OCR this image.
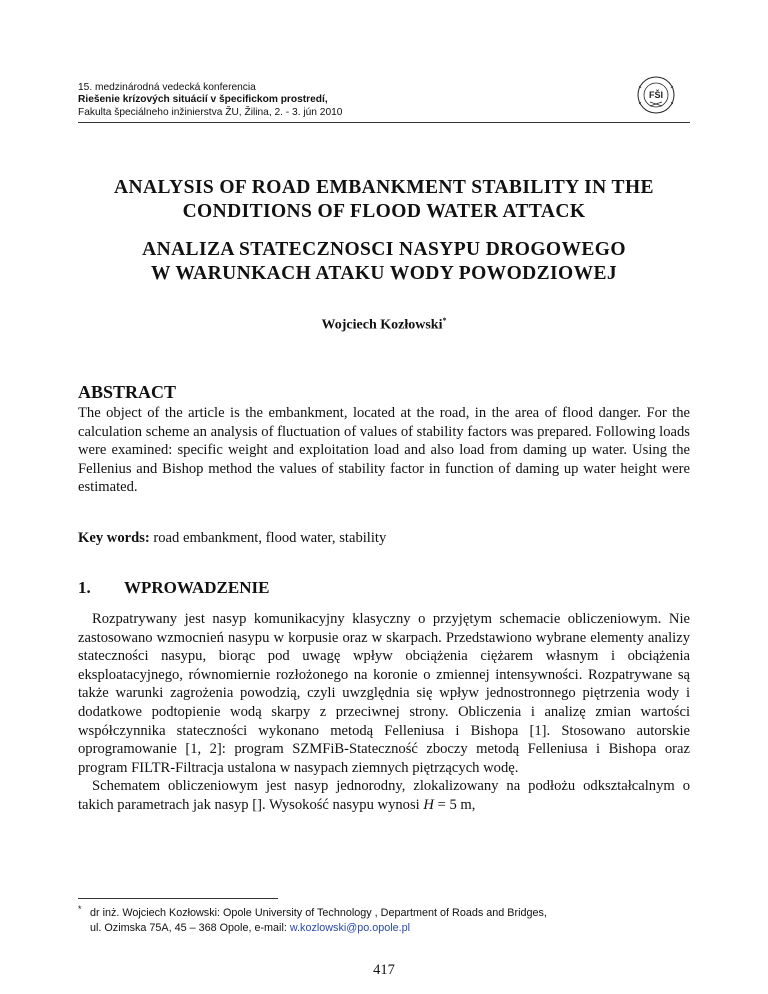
15. medzinárodná vedecká konferencia
Riešenie krízových situácií v špecifickom prostredí,
Fakulta špeciálneho inžinierstva ŽU, Žilina, 2. - 3. jún 2010
FŠI
ANALYSIS OF ROAD EMBANKMENT STABILITY IN THE
CONDITIONS OF FLOOD WATER ATTACK
ANALIZA STATECZNOSCI NASYPU DROGOWEGO
W WARUNKACH ATAKU WODY POWODZIOWEJ
Wojciech Kozłowski*
ABSTRACT
The object of the article is the embankment, located at the road, in the area of flood danger. For the calculation scheme an analysis of fluctuation of values of stability factors was prepared. Following loads were examined: specific weight and exploitation load and also load from daming up water. Using the Fellenius and Bishop method the values of stability factor in function of daming up water height were estimated.
Key words: road embankment, flood water, stability
1. WPROWADZENIE

Rozpatrywany jest nasyp komunikacyjny klasyczny o przyjętym schemacie obliczeniowym. Nie zastosowano wzmocnień nasypu w korpusie oraz w skarpach. Przedstawiono wybrane elementy analizy stateczności nasypu, biorąc pod uwagę wpływ obciążenia ciężarem własnym i obciążenia eksploatacyjnego, równomiernie rozłożonego na koronie o zmiennej intensywności. Rozpatrywane są także warunki zagrożenia powodzią, czyli uwzględnia się wpływ jednostronnego piętrzenia wody i dodatkowe podtopienie wodą skarpy z przeciwnej strony. Obliczenia i analizę zmian wartości współczynnika stateczności wykonano metodą Felleniusa i Bishopa [1]. Stosowano autorskie oprogramowanie [1, 2]: program SZMFiB-Stateczność zboczy metodą Felleniusa i Bishopa oraz program FILTR-Filtracja ustalona w nasypach ziemnych piętrzących wodę.

Schematem obliczeniowym jest nasyp jednorodny, zlokalizowany na podłożu odkształcalnym o takich parametrach jak nasyp []. Wysokość nasypu wynosi H = 5 m,

* dr inż. Wojciech Kozłowski: Opole University of Technology , Department of Roads and Bridges,
ul. Ozimska 75A, 45 – 368 Opole, e-mail: w.kozlowski@po.opole.pl
417
